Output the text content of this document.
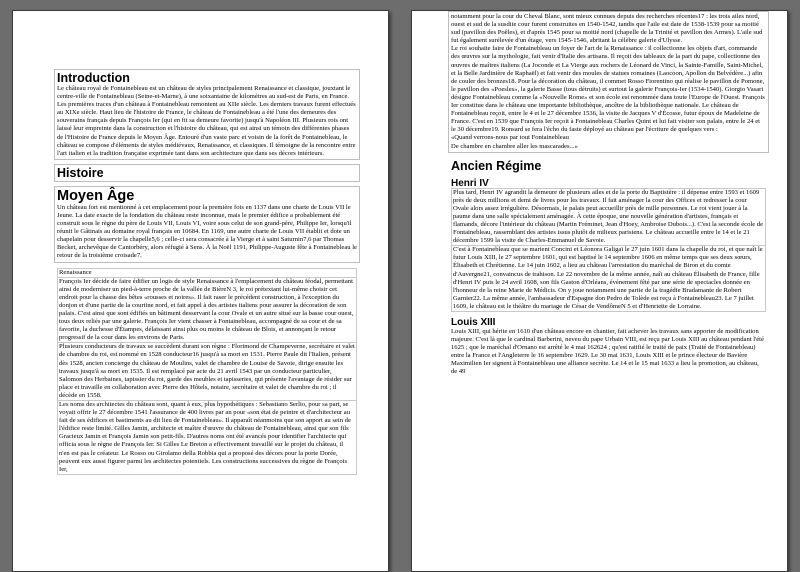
Introduction

Le château royal de Fontainebleau est un château de styles principalement Renaissance et classique, jouxtant le centre-ville de Fontainebleau (Seine-et-Marne), à une soixantaine de kilomètres au sud-est de Paris, en France. Les premières traces d'un château à Fontainebleau remontent au XIIe siècle. Les derniers travaux furent effectués au XIXe siècle. Haut lieu de l'histoire de France, le château de Fontainebleau a été l'une des demeures des souverains français depuis François Ier (qui en fit sa demeure favorite) jusqu'à Napoléon III. Plusieurs rois ont laissé leur empreinte dans la construction et l'histoire du château, qui est ainsi un témoin des différentes phases de l'Histoire de France depuis le Moyen Âge. Entouré d'un vaste parc et voisin de la forêt de Fontainebleau, le château se compose d'éléments de styles médiévaux, Renaissance, et classiques. Il témoigne de la rencontre entre l'art italien et la tradition française exprimée tant dans son architecture que dans ses décors intérieurs.

Histoire
Moyen Âge

Un château fort est mentionné à cet emplacement pour la première fois en 1137 dans une charte de Louis VII le Jeune. La date exacte de la fondation du château reste inconnue, mais le premier édifice a probablement été construit sous le règne du père de Louis VII, Louis VI, voire sous celui de son grand-père, Philippe Ier, lorsqu'il réunit le Gâtinais au domaine royal français en 10684. En 1169, une autre charte de Louis VII établit et dote un chapelain pour desservir la chapelle5,6 ; celle-ci sera consacrée à la Vierge et à saint Saturnin7,6 par Thomas Becket, archevêque de Cantorbéry, alors réfugié à Sens. À la Noël 1191, Philippe-Auguste fête à Fontainebleau le retour de la troisième croisade7.

Renaissance

François Ier décide de faire édifier un logis de style Renaissance à l'emplacement du château féodal, permettant ainsi de moderniser un pied-à-terre proche de la vallée de BièreN 3, le roi prétextant lui-même choisir cet endroit pour la chasse des bêtes «rousses et noires». Il fait raser le précédent construction, à l'exception du donjon et d'une partie de la courtine nord, et fait appel à des artistes italiens pour assurer la décoration de son palais. C'est ainsi que sont édifiés un bâtiment desservant la cour Ovale et un autre situé sur la basse cour ouest, tous deux reliés par une galerie. François Ier vient chasser à Fontainebleau, accompagné de sa cour et de sa favorite, la duchesse d'Étampes, délaissant ainsi plus ou moins le château de Blois, et annonçant le retour progressif de la cour dans les environs de Paris.

Plusieurs conducteurs de travaux se succèdent durant son règne : Florimond de Champeverne, secrétaire et valet de chambre du roi, est nommé en 1528 conducteur16 jusqu'à sa mort en 1531. Pierre Paule dit l'Italien, présent dès 1528, ancien concierge du château de Moulins, valet de chambre de Louise de Savoie, dirige ensuite les travaux jusqu'à sa mort en 1535. Il est remplacé par acte du 21 avril 1543 par un conducteur particulier, Salomon des Herbaines, tapissier du roi, garde des meubles et tapisseries, qui présente l'avantage de résider sur place et travaille en collaboration avec Pierre des Hôtels, notaire, secrétaire et valet de chambre du roi ; il décède en 1558.

Les noms des architectes du château sont, quant à eux, plus hypothétiques : Sebastiano Serlio, pour sa part, se voyait offrir le 27 décembre 1541 l'assurance de 400 livres par an pour «son état de peintre et d'architecteur au fait de ses édifices et bastiments au dit lieu de Fontainebleau». Il apparaît néanmoins que son apport au sein de l'édifice reste limité. Gilles Jamin, architecte et maître d'œuvre du château de Fontainebleau, ainsi que son fils Gracieux Jamin et François Jamin son petit-fils. D'autres noms ont été avancés pour identifier l'architecte qui officia sous le règne de François Ier. Si Gilles Le Breton a effectivement travaillé sur le projet du château, il n'en est pas le créateur. Le Rosso ou Girolamo della Robbia qui a proposé des décors pour la porte Dorée, peuvent eux aussi figurer parmi les architectes potentiels. Les constructions successives du règne de François Ier,

notamment pour la cour du Cheval Blanc, sont mieux connues depuis des recherches récentes17 : les trois ailes nord, ouest et sud de la susdite cour furent construites en 1540-1542, tandis que l'aile est date de 1538-1539 pour sa moitié sud (pavillon des Poêles), et d'après 1545 pour sa moitié nord (chapelle de la Trinité et pavillon des Armes). L'aile sud fut également surélevée d'un étage, vers 1545-1546, abritant la célèbre galerie d'Ulysse.

Le roi souhaite faire de Fontainebleau un foyer de l'art de la Renaissance : il collectionne les objets d'art, commande des œuvres sur la mythologie, fait venir d'Italie des artisans. Il reçoit des tableaux de la part du pape, collectionne des œuvres de maîtres italiens (La Joconde et La Vierge aux rochers de Léonard de Vinci, la Sainte-Famille, Saint-Michel, et la Belle Jardinière de Raphaël) et fait venir des moules de statues romaines (Laocoon, Apollon du Belvédère...) afin de couler des bronzes18. Pour la décoration du château, il commet Rosso Fiorentino qui réalise le pavillon de Pomone, le pavillon des «Poesles», la galerie Basse (tous détruits) et surtout la galerie François-Ier (1534-1540). Giorgio Vasari désigne Fontainebleau comme la «Nouvelle Rome» et son école est renommée dans toute l'Europe de l'Ouest. François Ier constitue dans le château une importante bibliothèque, ancêtre de la bibliothèque nationale. Le château de Fontainebleau reçoit, entre le 4 et le 27 décembre 1536, la visite de Jacques V d'Écosse, futur époux de Madeleine de France. C'est en 1539 que François Ier reçoit à Fontainebleau Charles Quint et lui fait visiter son palais, entre le 24 et le 30 décembre19. Ronsard se fera l'écho du faste déployé au château par l'écriture de quelques vers :

«Quand verrons-nous par tout Fontainebleau

De chambre en chambre aller les mascarades...»

Ancien Régime
Henri IV

Plus tard, Henri IV agrandit la demeure de plusieurs ailes et de la porte du Baptistère : il dépense entre 1593 et 1609 près de deux millions et demi de livres pour les travaux. Il fait aménager la cour des Offices et redresser la cour Ovale alors assez irrégulière. Désormais, le palais peut accueillir près de mille personnes. Le roi vient jouer à la paume dans une salle spécialement aménagée. À cette époque, une nouvelle génération d'artistes, français et flamands, décore l'intérieur du château (Martin Fréminet, Jean d'Hoey, Ambroise Dubois...). C'est la seconde école de Fontainebleau, rassemblant des artistes issus plutôt de milieux parisiens. Le château accueille entre le 14 et le 21 décembre 1599 la visite de Charles-Emmanuel de Savoie.

C'est à Fontainebleau que se marient Concini et Léonora Galigaï le 27 juin 1601 dans la chapelle du roi, et que naît le futur Louis XIII, le 27 septembre 1601, qui est baptisé le 14 septembre 1606 en même temps que ses deux sœurs, Élisabeth et Chrétienne. Le 14 juin 1602, a lieu au château l'arrestation du maréchal de Biron et du comte d'Auvergne21, convaincus de trahison. Le 22 novembre de la même année, naît au château Élisabeth de France, fille d'Henri IV puis le 24 avril 1608, son fils Gaston d'Orléans, événement fêté par une série de spectacles donnée en l'honneur de la reine Marie de Médicis. On y joue notamment une partie de la tragédie Bradamante de Robert Garnier22. La même année, l'ambassadeur d'Espagne don Pedro de Tolède est reçu à Fontainebleau23. Le 7 juillet 1609, le château est le théâtre du mariage de César de VendômeN 5 et d'Henriette de Lorraine.

Louis XIII

Louis XIII, qui hérite en 1610 d'un château encore en chantier, fait achever les travaux sans apporter de modification majeure. C'est là que le cardinal Barberini, neveu du pape Urbain VIII, est reçu par Louis XIII au château pendant l'été 1625 ; que le maréchal d'Ornano est arrêté le 4 mai 162624 ; qu'est ratifié le traité de paix (Traité de Fontainebleau) entre la France et l'Angleterre le 16 septembre 1629. Le 30 mai 1631, Louis XIII et le prince électeur de Bavière Maximilien Ier signent à Fontainebleau une alliance secrète. Le 14 et le 15 mai 1633 a lieu la promotion, au château, de 49
